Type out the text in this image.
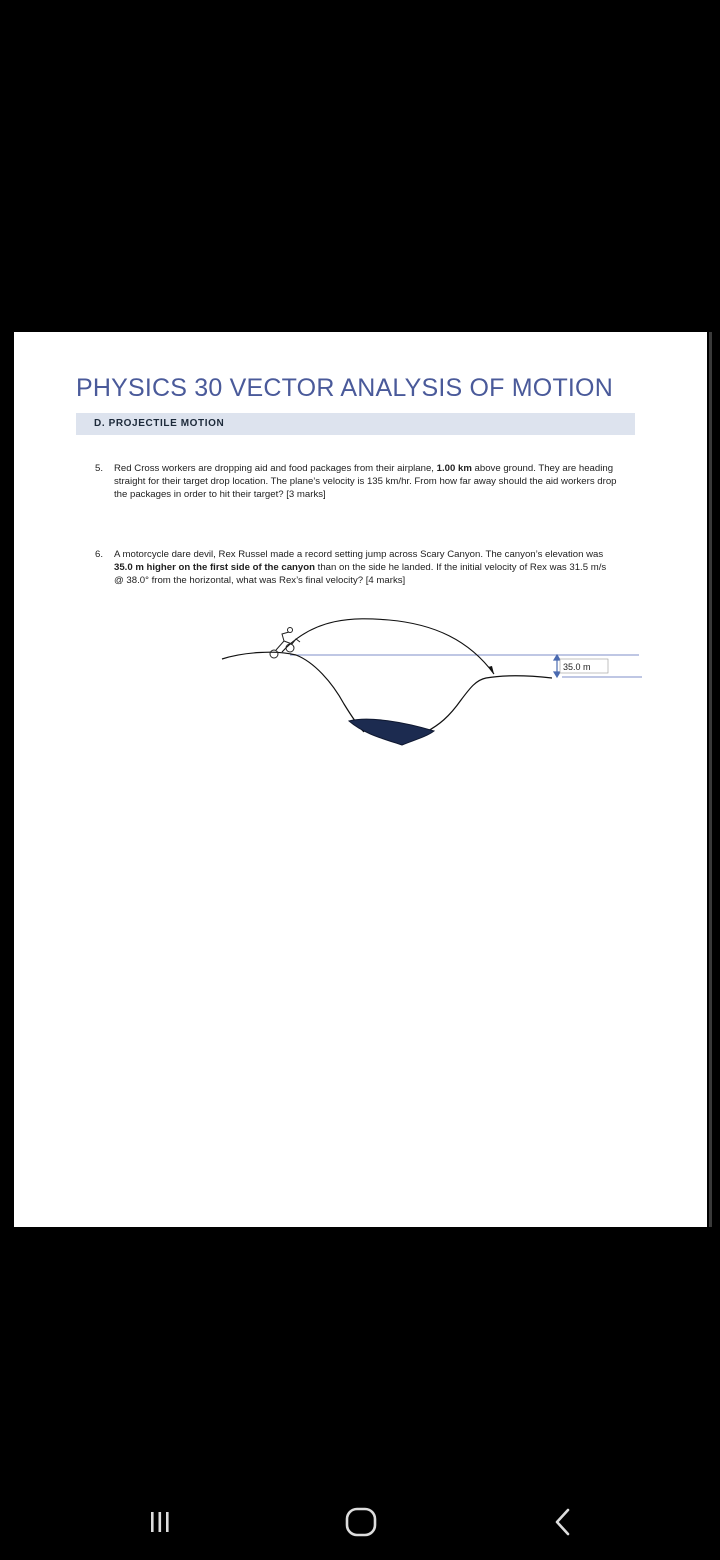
PHYSICS 30 VECTOR ANALYSIS OF MOTION
D. PROJECTILE MOTION
5. Red Cross workers are dropping aid and food packages from their airplane, 1.00 km above ground. They are heading straight for their target drop location. The plane’s velocity is 135 km/hr. From how far away should the aid workers drop the packages in order to hit their target? [3 marks]
6. A motorcycle dare devil, Rex Russel made a record setting jump across Scary Canyon. The canyon’s elevation was 35.0 m higher on the first side of the canyon than on the side he landed. If the initial velocity of Rex was 31.5 m/s @ 38.0° from the horizontal, what was Rex’s final velocity? [4 marks]
35.0 m
